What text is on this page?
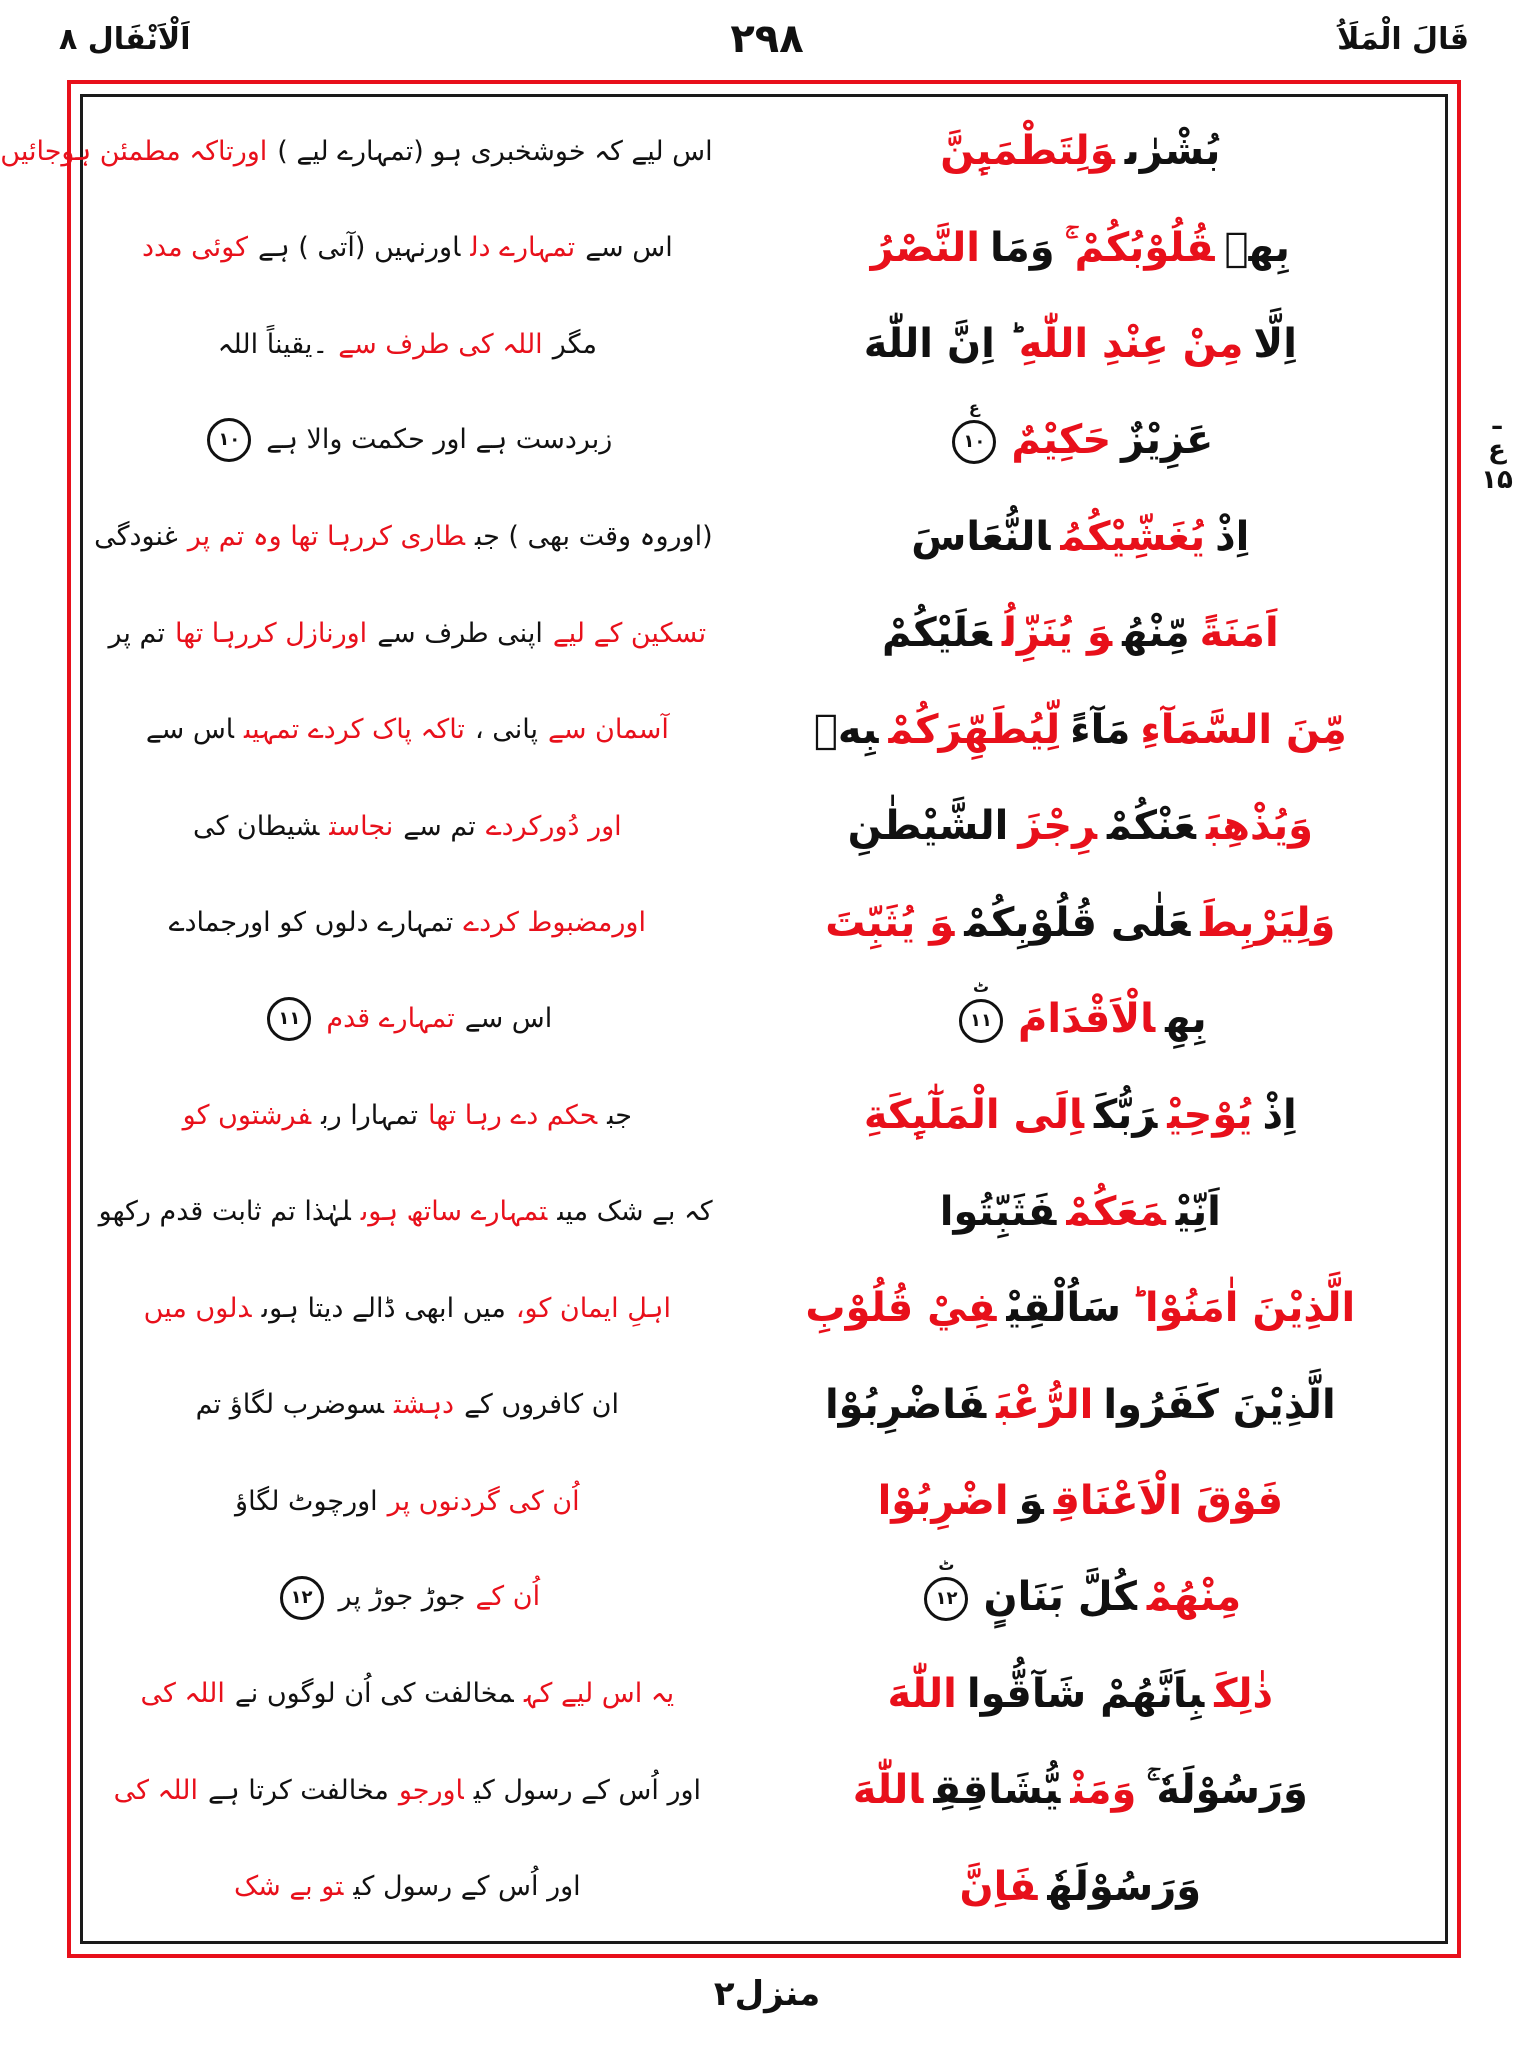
قَالَ الْمَلَاُ
۲۹۸
اَلْاَنْفَال ۸
بُشْرٰىوَلِتَطْمَىِٕنَّ
اس لیے کہ خوشخبری ہو (تمہارے لیے )اورتاکہ مطمئن ہوجائیں
بِهٖقُلُوْبُكُمْ ۚوَمَاالنَّصْرُ
اس سےتمہارے دلاورنہیں (آتی ) ہےکوئی مدد
اِلَّامِنْ عِنْدِ اللّٰهِؕ اِنَّ اللّٰهَ
مگراللہ کی طرف سے۔یقیناً اللہ
عَزِيْزٌحَكِيْمٌ
۱۰
ع
زبردست ہے اور حکمت والا ہے
۱۰
اِذْيُغَشِّيْكُمُالنُّعَاسَ
(اوروہ وقت بھی ) جبطاری کررہا تھا وہ تم پرغنودگی
اَمَنَةًمِّنْهُوَ يُنَزِّلُعَلَيْكُمْ
تسکین کے لیےاپنی طرف سےاورنازل کررہا تھاتم پر
مِّنَ السَّمَآءِمَآءًلِّيُطَهِّرَكُمْبِهٖ
آسمان سےپانی ،تاکہ پاک کردے تمہیںاس سے
وَيُذْهِبَعَنْكُمْرِجْزَالشَّيْطٰنِ
اور دُورکردےتم سےنجاستشیطان کی
وَلِيَرْبِطَعَلٰى قُلُوْبِكُمْوَ يُثَبِّتَ
اورمضبوط کردےتمہارے دلوں کو اورجمادے
بِهِالْاَقْدَامَ
۱۱
ٹ
اس سےتمہارے قدم
۱۱
اِذْيُوْحِيْرَبُّكَاِلَى الْمَلٰٓىِٕكَةِ
جبحکم دے رہا تھاتمہارا ربفرشتوں کو
اَنِّيْمَعَكُمْفَثَبِّتُوا
کہ بے شک میںتمہارے ساتھ ہوںلہٰذا تم ثابت قدم رکھو
الَّذِيْنَ اٰمَنُوْا ؕسَاُلْقِيْفِيْ قُلُوْبِ
اہلِ ایمان کو،میں ابھی ڈالے دیتا ہوںدلوں میں
الَّذِيْنَ كَفَرُواالرُّعْبَفَاضْرِبُوْا
ان کافروں کےدہشتسوضرب لگاؤ تم
فَوْقَ الْاَعْنَاقِوَاضْرِبُوْا
اُن کی گردنوں پراورچوٹ لگاؤ
مِنْهُمْكُلَّ بَنَانٍ
۱۲
ٹ
اُن کےجوڑ جوڑ پر
۱۲
ذٰلِكَبِاَنَّهُمْ شَآقُّوااللّٰهَ
یہ اس لیے کہمخالفت کی اُن لوگوں نےاللہ کی
وَرَسُوْلَهٗ ۚوَمَنْيُّشَاقِقِاللّٰهَ
اور اُس کے رسول کیاورجومخالفت کرتا ہےاللہ کی
وَرَسُوْلَهٗفَاِنَّ
اور اُس کے رسول کیتو بے شک
ـ
ع
۱۵
منزل۲
